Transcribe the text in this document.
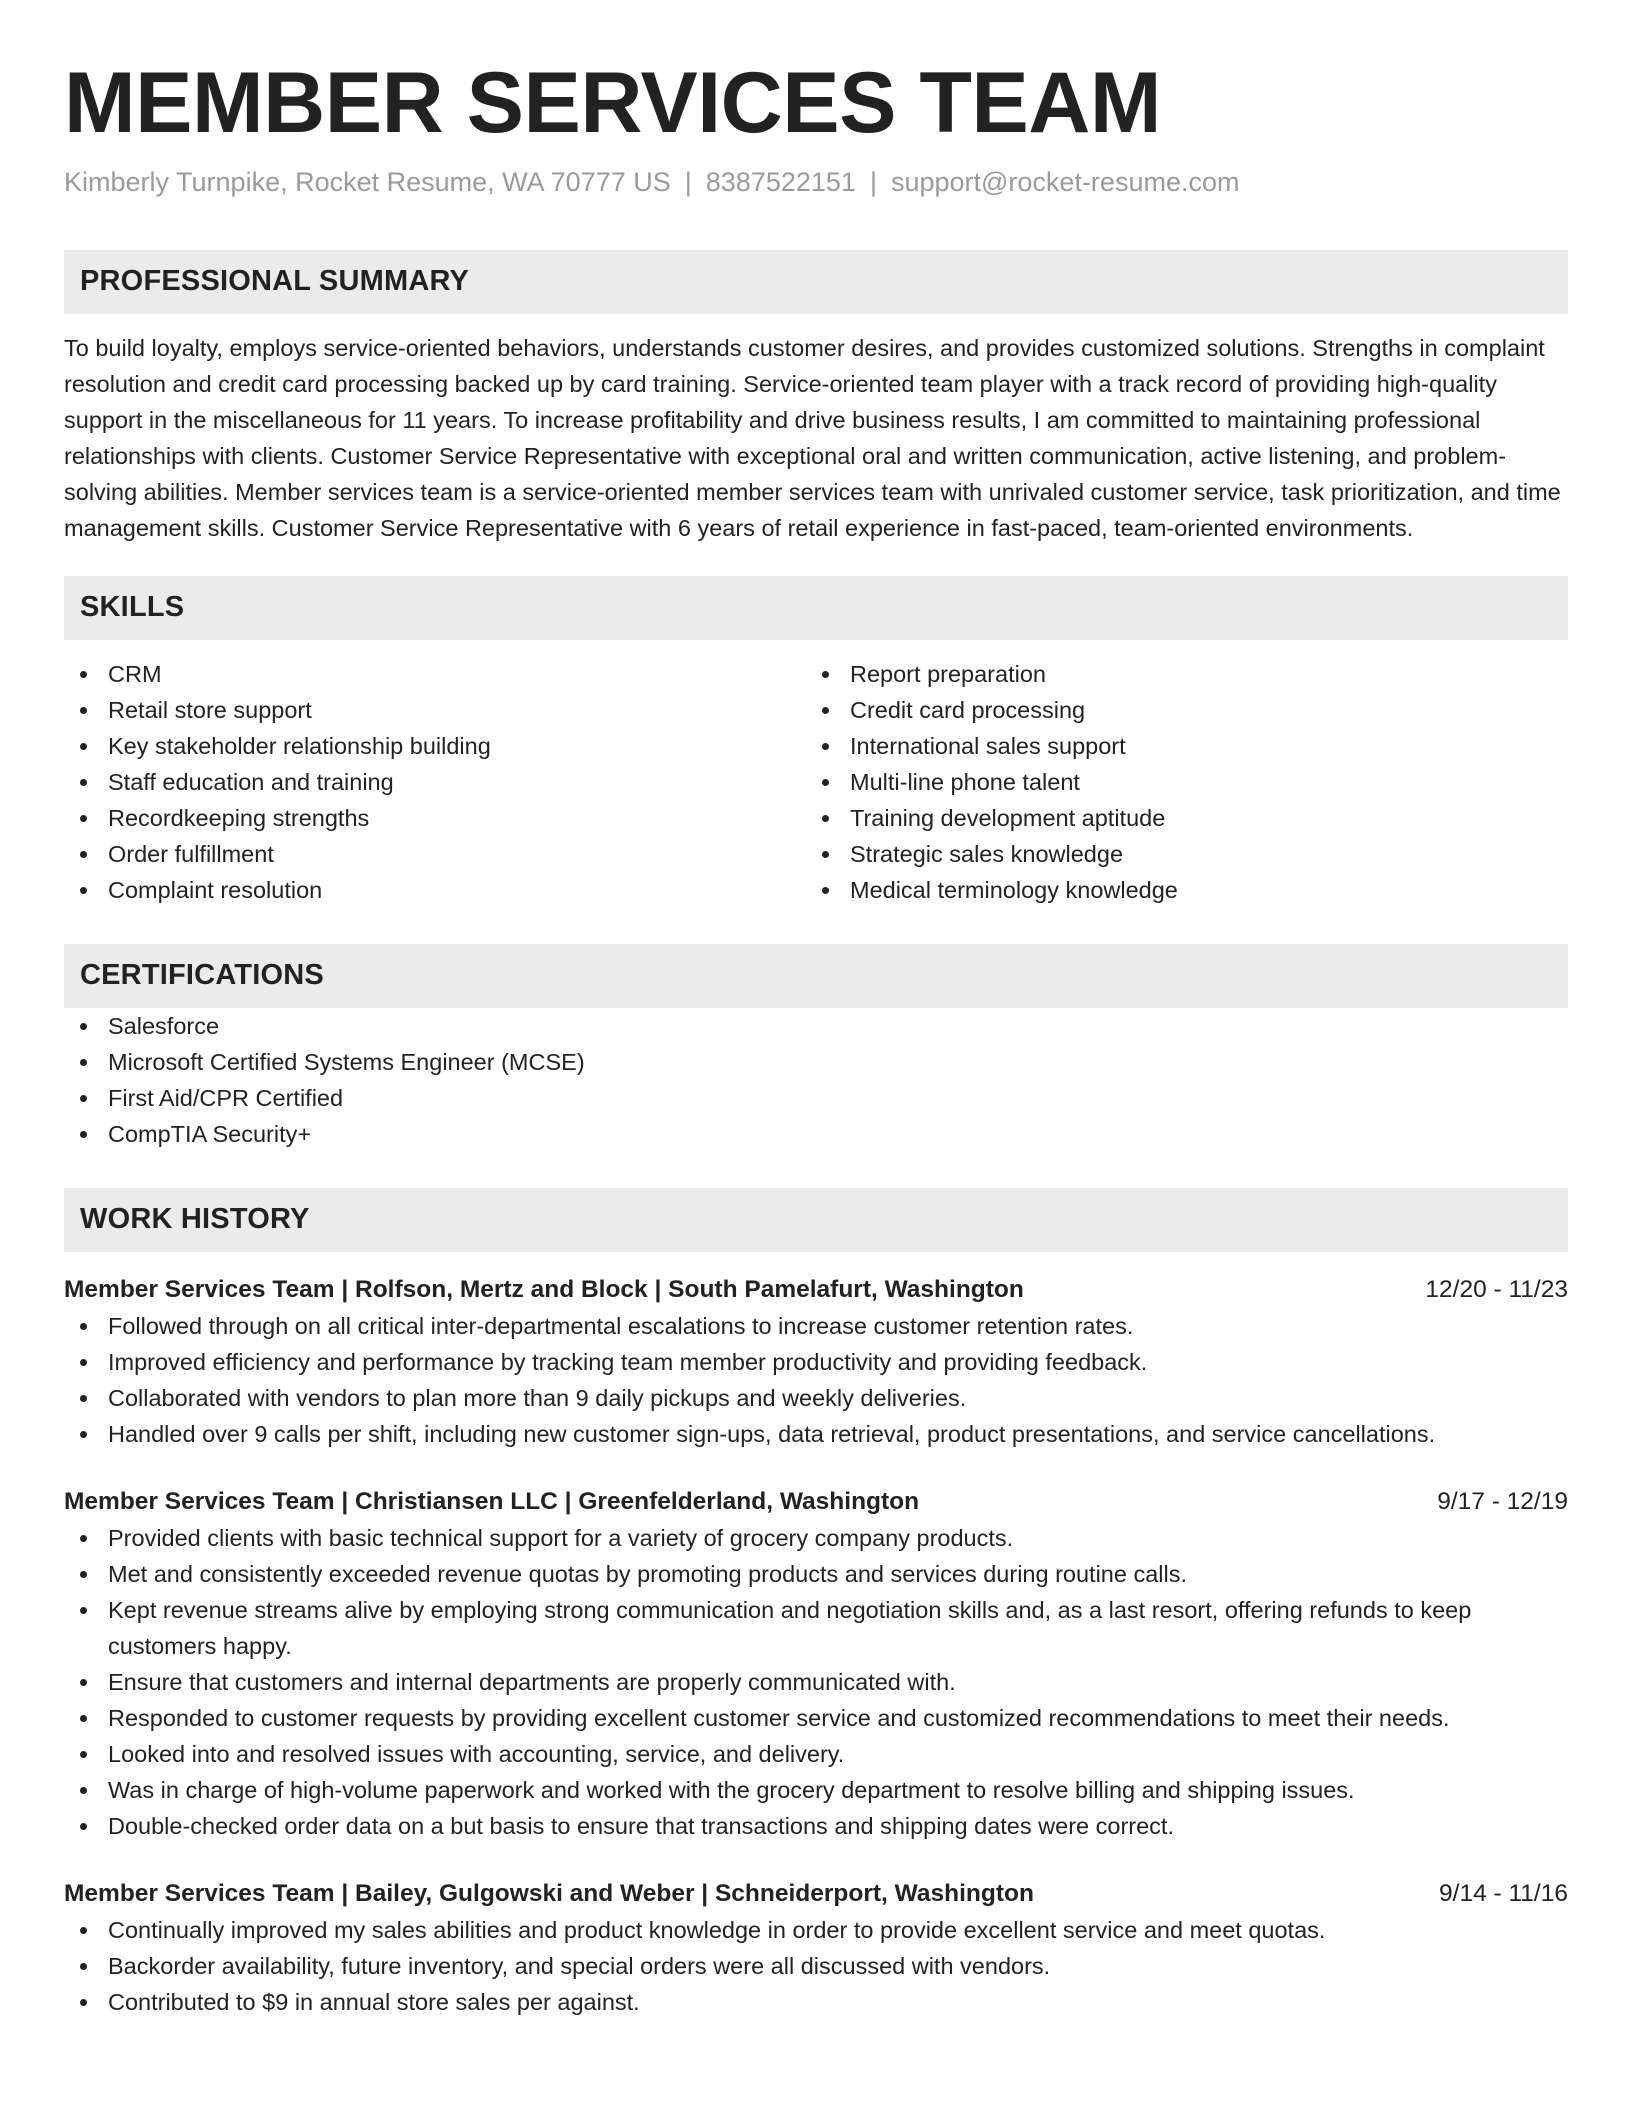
MEMBER SERVICES TEAM
Kimberly Turnpike, Rocket Resume, WA 70777 US | 8387522151 | support@rocket-resume.com
PROFESSIONAL SUMMARY

To build loyalty, employs service-oriented behaviors, understands customer desires, and provides customized solutions. Strengths in complaint resolution and credit card processing backed up by card training. Service-oriented team player with a track record of providing high-quality support in the miscellaneous for 11 years. To increase profitability and drive business results, I am committed to maintaining professional relationships with clients. Customer Service Representative with exceptional oral and written communication, active listening, and problem-solving abilities. Member services team is a service-oriented member services team with unrivaled customer service, task prioritization, and time management skills. Customer Service Representative with 6 years of retail experience in fast-paced, team-oriented environments.

SKILLS
CRM
Retail store support
Key stakeholder relationship building
Staff education and training
Recordkeeping strengths
Order fulfillment
Complaint resolution
Report preparation
Credit card processing
International sales support
Multi-line phone talent
Training development aptitude
Strategic sales knowledge
Medical terminology knowledge
CERTIFICATIONS
Salesforce
Microsoft Certified Systems Engineer (MCSE)
First Aid/CPR Certified
CompTIA Security+
WORK HISTORY
Member Services Team | Rolfson, Mertz and Block | South Pamelafurt, Washington	12/20 - 11/23
Followed through on all critical inter-departmental escalations to increase customer retention rates.
Improved efficiency and performance by tracking team member productivity and providing feedback.
Collaborated with vendors to plan more than 9 daily pickups and weekly deliveries.
Handled over 9 calls per shift, including new customer sign-ups, data retrieval, product presentations, and service cancellations.
Member Services Team | Christiansen LLC | Greenfelderland, Washington	9/17 - 12/19
Provided clients with basic technical support for a variety of grocery company products.
Met and consistently exceeded revenue quotas by promoting products and services during routine calls.
Kept revenue streams alive by employing strong communication and negotiation skills and, as a last resort, offering refunds to keep customers happy.
Ensure that customers and internal departments are properly communicated with.
Responded to customer requests by providing excellent customer service and customized recommendations to meet their needs.
Looked into and resolved issues with accounting, service, and delivery.
Was in charge of high-volume paperwork and worked with the grocery department to resolve billing and shipping issues.
Double-checked order data on a but basis to ensure that transactions and shipping dates were correct.
Member Services Team | Bailey, Gulgowski and Weber | Schneiderport, Washington	9/14 - 11/16
Continually improved my sales abilities and product knowledge in order to provide excellent service and meet quotas.
Backorder availability, future inventory, and special orders were all discussed with vendors.
Contributed to $9 in annual store sales per against.
